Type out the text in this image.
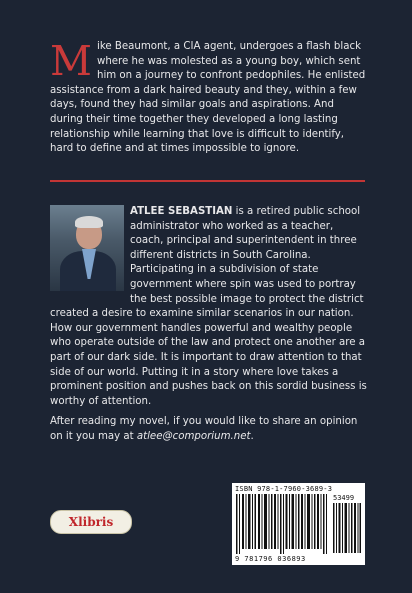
Mike Beaumont, a CIA agent, undergoes a flash black where he was molested as a young boy, which sent him on a journey to confront pedophiles. He enlisted assistance from a dark haired beauty and they, within a few days, found they had similar goals and aspirations. And during their time together they developed a long lasting relationship while learning that love is difficult to identify, hard to define and at times impossible to ignore.
ATLEE SEBASTIAN is a retired public school administrator who worked as a teacher, coach, principal and superintendent in three different districts in South Carolina. Participating in a subdivision of state government where spin was used to portray the best possible image to protect the district created a desire to examine similar scenarios in our nation. How our government handles powerful and wealthy people who operate outside of the law and protect one another are a part of our dark side. It is important to draw attention to that side of our world. Putting it in a story where love takes a prominent position and pushes back on this sordid business is worthy of attention.
After reading my novel, if you would like to share an opinion on it you may at atlee@comporium.net.
Xlibris
ISBN 978-1-7960-3689-3
53499
9 781796 036893
